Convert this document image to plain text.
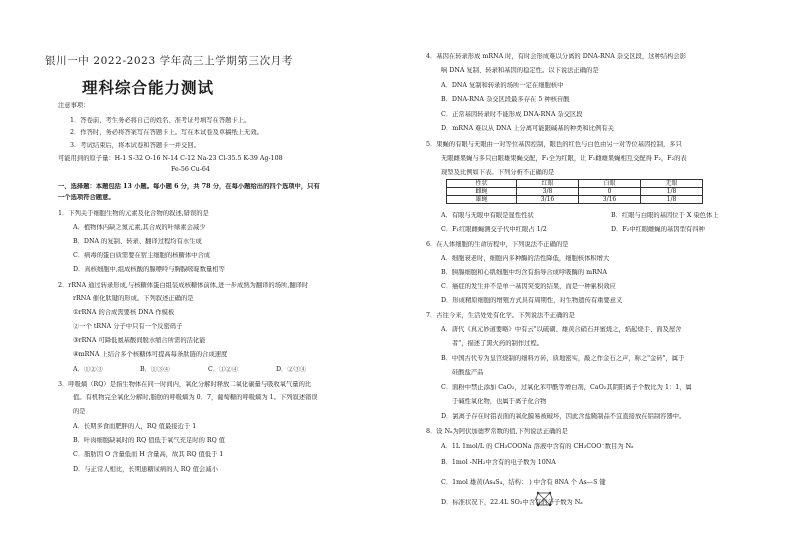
银川一中 2022-2023 学年高三上学期第三次月考
理科综合能力测试
注意事项：
1．答卷前，考生务必将自己的姓名、准考证号填写在答题卡上。
2．作答时，务必将答案写在答题卡上。写在本试卷及草稿纸上无效。
3．考试结束后，将本试卷和答题卡一并交回。
可能用到的原子量：H-1 S-32 O-16 N-14 C-12 Na-23 Cl-35.5 K-39 Ag-108
Fe-56 Cu-64
一、选择题：本题包括 13 小题。每小题 6 分，共 78 分，在每小题给出的四个选项中，只有
一个选项符合题意。
1．下列关于细胞生物的元素及化合物的叙述,错误的是
A．植物体内缺乏氮元素,其合成的叶绿素会减少
B．DNA 的复制、转录、翻译过程均有水生成
C．病毒的蛋白质需要在宿主细胞的核糖体中合成
D．真核细胞中,组成核酸的腺嘌呤与胸腺嘧啶数量相等
2．rRNA 通过转录形成,与核糖体蛋白组装成核糖体前体,进一步成熟为翻译的场所,翻译时
rRNA 催化肽键的形成。下列叙述正确的是
①rRNA 的合成需要核 DNA 作模板
②一个 tRNA 分子中只有一个反密码子
③rRNA 可降低氨基酸间脱水缩合所需的活化能
④mRNA 上结合多个核糖体可提高每条肽链的合成速度
A．①②③	B．①③④	C．①②④	D．②③④
3．呼吸熵（RQ）是指生物体在同一时间内，氧化分解时释放二氧化碳量与吸收氧气量的比
值。有机物完全氧化分解时,脂肪的呼吸熵为 0．7，葡萄糖的呼吸熵为 1。下列叙述错误
的是
A．长期多食而肥胖的人，RQ 值最接近于 1
B．叶肉细胞缺氧时的 RQ 值低于氧气充足时的 RQ 值
C．脂肪因 O 含量低而 H 含量高，故其 RQ 值低于 1
D．与正常人相比，长期患糖尿病的人 RQ 值会减小
4．基因在转录形成 mRNA 时，有时会形成难以分离的 DNA-RNA 杂交区段，这种结构会影
响 DNA 复制、转录和基因的稳定性。以下说法正确的是
A．DNA 复制和转录的场所一定在细胞核中
B．DNA-RNA 杂交区段最多存在 5 种核苷酸
C．正常基因转录时不能形成 DNA-RNA 杂交区段
D．mRNA 难以从 DNA 上分离可能跟碱基的种类和比例有关
5．果蝇的有眼与无眼由一对等位基因控制，眼色的红色与白色由另一对等位基因控制，多只
无眼雌果蝇与多只白眼雄果蝇交配，F₁全为红眼，让 F₁雌雄果蝇相互交配得 F₂，F₂的表
现型及比例如下表。下列分析不正确的是
性状	红眼	白眼	无眼
雌蝇	3/8	0	1/8
雄蝇	3/16	3/16	1/8
A．有眼与无眼中有眼是显性性状	B．红眼与白眼的基因位于 X 染色体上
C．F₁红眼雌蝇测交子代中红眼占 1/2	D．F₂中红眼雌蝇的基因型有四种
6．在人体细胞的生命历程中，下列说法不正确的是
A．细胞衰老时，细胞内多种酶的活性降低，细胞核体积增大
B．胰腺细胞和心肌细胞中均含有指导合成呼吸酶的 mRNA
C．癌症的发生并不是单一基因突变的结果，而是一种累积效应
D．形成精原细胞的增殖方式具有周期性，对生物遗传有重要意义
7．古往今来，生活处处有化学。下列说法不正确的是
A．唐代《真元妙道要略》中有云"以硫磺、雄黄合硝石并蜜烧之，焰起烧手、面及屋舍
者"，描述了黑火药的制作过程。
B．中国古代专为皇宫烧制的细料方砖，质地密实，敲之作金石之声，称之"金砖"，属于
硅酸盐产品
C．面粉中禁止添加 CaO₂，过氧化苯甲酰等增白剂，CaO₂其阴阳离子个数比为 1：1，属
于碱性氧化物，也属于离子化合物
D．氯离子存在时铝表面的氧化膜易被破坏，因此含盐腌制品不宜直接放在铝制容器中。
8．设 Nₐ为阿伏加德罗常数的值,下列说法正确的是
A．1L 1mol/L 的 CH₃COONa 溶液中含有的 CH₃COO⁻数目为 Nₐ
B．1mol -NH₂中含有的电子数为 10NA
C．1mol 雄黄(As₄S₄，结构： ) 中含有 8NA 个 As—S 键
D．标准状况下，22.4L SO₃中含有的分子数为 Nₐ
